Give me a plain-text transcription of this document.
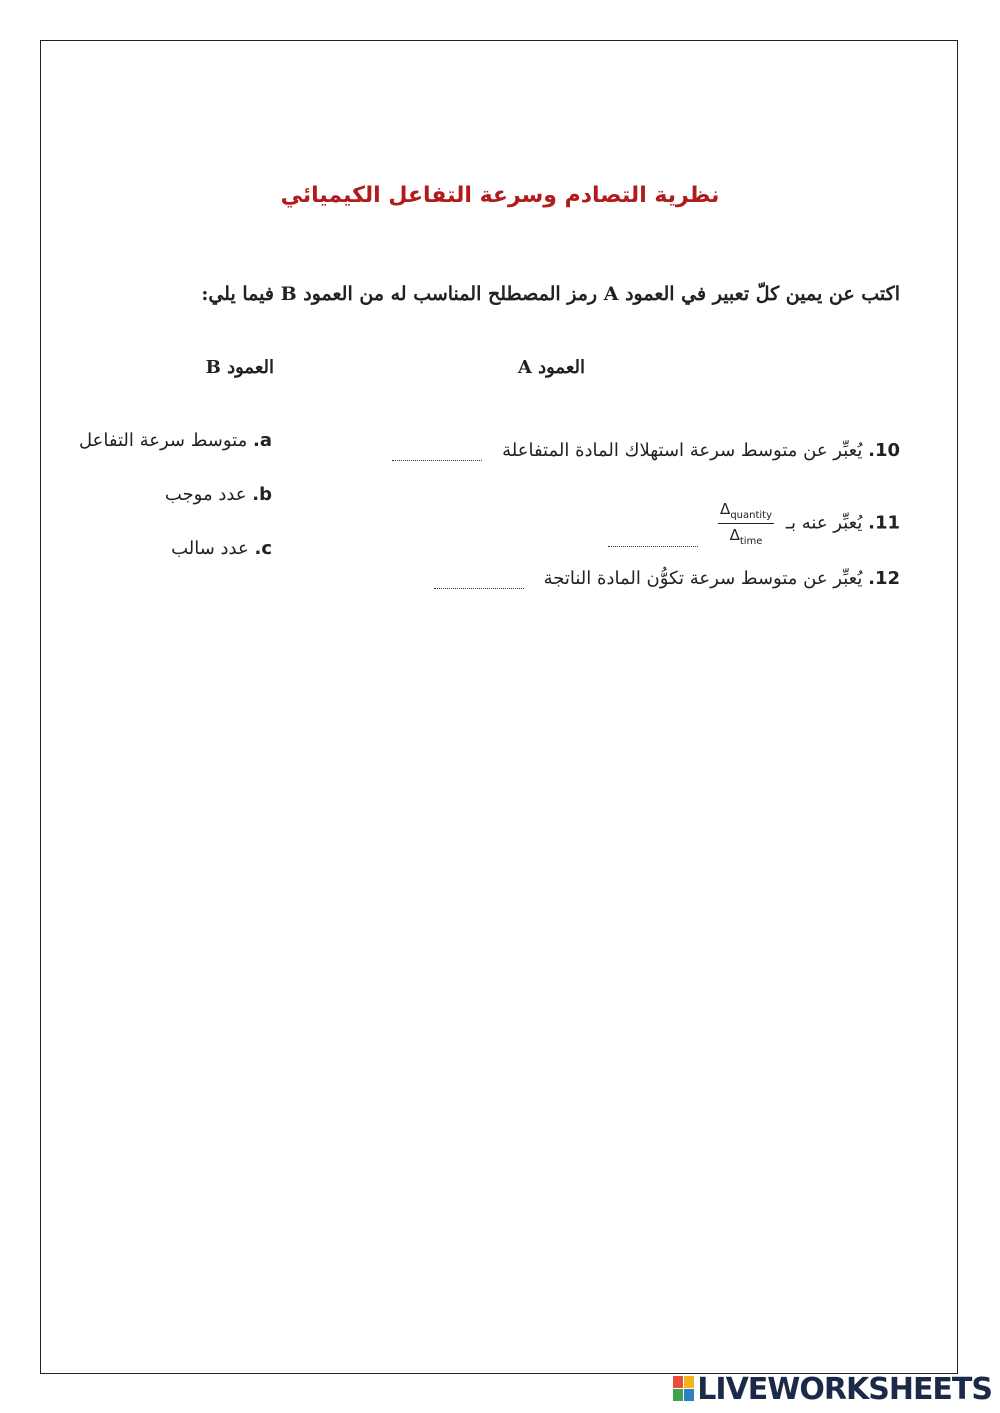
نظرية التصادم وسرعة التفاعل الكيميائي
اكتب عن يمين كلّ تعبير في العمود A رمز المصطلح المناسب له من العمود B فيما يلي:
العمود A
العمود B
a. متوسط سرعة التفاعل
b. عدد موجب
c. عدد سالب
10. يُعبِّر عن متوسط سرعة استهلاك المادة المتفاعلة
11. يُعبِّر عنه بـ
$\frac{\Delta_{quantity}}{\Delta_{time}}$

12. يُعبِّر عن متوسط سرعة تكوُّن المادة الناتجة
LIVEWORKSHEETS
